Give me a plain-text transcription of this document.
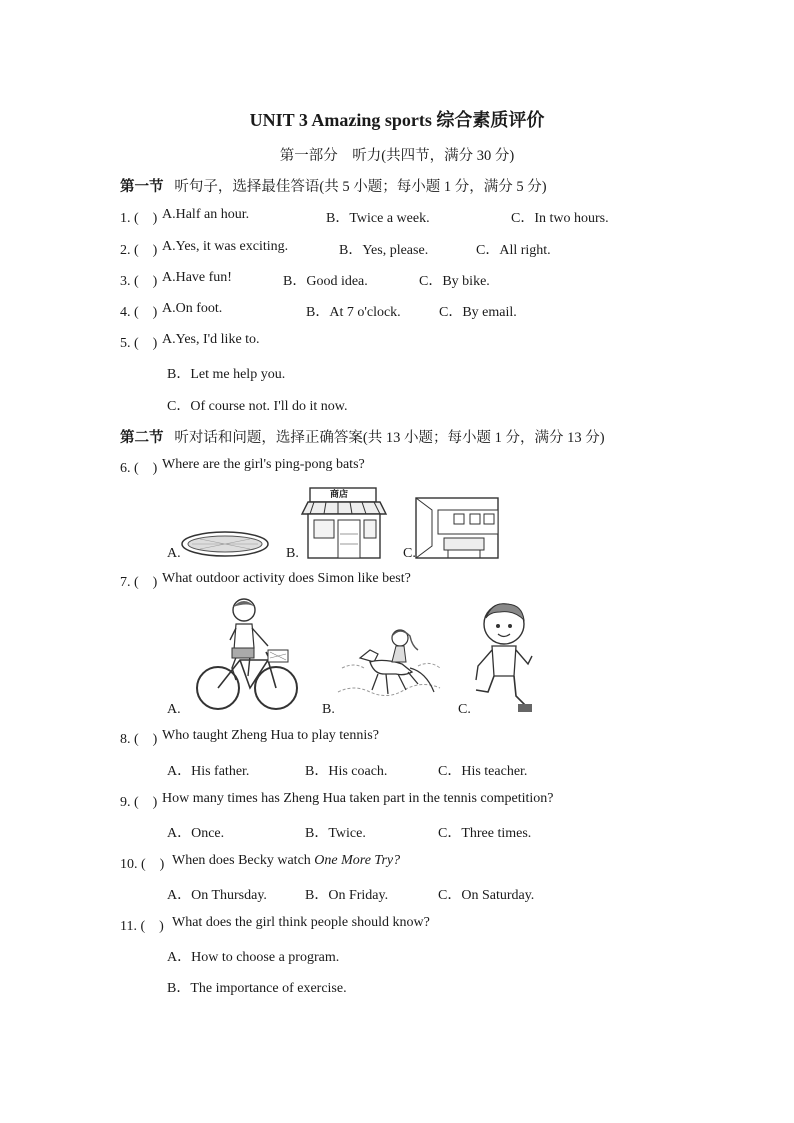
UNIT 3 Amazing sports 综合素质评价
第一部分　听力(共四节，满分 30 分)
第一节 听句子，选择最佳答语(共 5 小题；每小题 1 分，满分 5 分)
1. (　) A.Half an hour.	B．Twice a week.	C．In two hours.
2. (　) A.Yes, it was exciting.	B．Yes, please.	C．All right.
3. (　) A.Have fun!	B．Good idea.	C．By bike.
4. (　) A.On foot.	B．At 7 o'clock.	C．By email.
5. (　) A.Yes, I'd like to.
B．Let me help you.
C．Of course not. I'll do it now.
第二节 听对话和问题，选择正确答案(共 13 小题；每小题 1 分，满分 13 分)
6. (　) Where are the girl's ping-pong bats?
A.	B.
商店
C.
7. (　) What outdoor activity does Simon like best?
A.	B.	C.
8. (　) Who taught Zheng Hua to play tennis?
A．His father.	B．His coach.	C．His teacher.
9. (　) How many times has Zheng Hua taken part in the tennis competition?
A．Once.	B．Twice.	C．Three times.
10. (　) When does Becky watch One More Try?
A．On Thursday.	B．On Friday.	C．On Saturday.
11. (　) What does the girl think people should know?
A．How to choose a program.
B．The importance of exercise.
